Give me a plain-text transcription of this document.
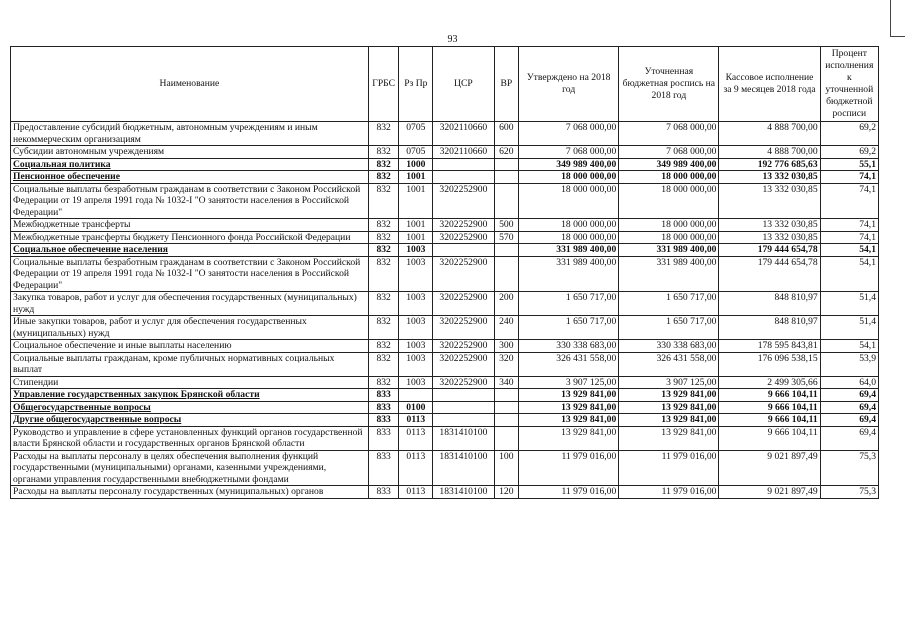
93
Наименование	ГРБС	Рз Пр	ЦСР	ВР	Утверждено на 2018 год	Уточненная бюджетная роспись на 2018 год	Кассовое исполнение за 9 месяцев 2018 года	Процент исполнения к уточненной бюджетной росписи
Предоставление субсидий бюджетным, автономным учреждениям и иным некоммерческим организациям	832	0705	3202110660	600	7 068 000,00	7 068 000,00	4 888 700,00	69,2
Субсидии автономным учреждениям	832	0705	3202110660	620	7 068 000,00	7 068 000,00	4 888 700,00	69,2
Социальная политика	832	1000			349 989 400,00	349 989 400,00	192 776 685,63	55,1
Пенсионное обеспечение	832	1001			18 000 000,00	18 000 000,00	13 332 030,85	74,1
Социальные выплаты безработным гражданам в соответствии с Законом Российской Федерации от 19 апреля 1991 года № 1032-I "О занятости населения в Российской Федерации"	832	1001	3202252900		18 000 000,00	18 000 000,00	13 332 030,85	74,1
Межбюджетные трансферты	832	1001	3202252900	500	18 000 000,00	18 000 000,00	13 332 030,85	74,1
Межбюджетные трансферты бюджету Пенсионного фонда Российской Федерации	832	1001	3202252900	570	18 000 000,00	18 000 000,00	13 332 030,85	74,1
Социальное обеспечение населения	832	1003			331 989 400,00	331 989 400,00	179 444 654,78	54,1
Социальные выплаты безработным гражданам в соответствии с Законом Российской Федерации от 19 апреля 1991 года № 1032-I "О занятости населения в Российской Федерации"	832	1003	3202252900		331 989 400,00	331 989 400,00	179 444 654,78	54,1
Закупка товаров, работ и услуг для обеспечения государственных (муниципальных) нужд	832	1003	3202252900	200	1 650 717,00	1 650 717,00	848 810,97	51,4
Иные закупки товаров, работ и услуг для обеспечения государственных (муниципальных) нужд	832	1003	3202252900	240	1 650 717,00	1 650 717,00	848 810,97	51,4
Социальное обеспечение и иные выплаты населению	832	1003	3202252900	300	330 338 683,00	330 338 683,00	178 595 843,81	54,1
Социальные выплаты гражданам, кроме публичных нормативных социальных выплат	832	1003	3202252900	320	326 431 558,00	326 431 558,00	176 096 538,15	53,9
Стипендии	832	1003	3202252900	340	3 907 125,00	3 907 125,00	2 499 305,66	64,0
Управление государственных закупок Брянской области	833				13 929 841,00	13 929 841,00	9 666 104,11	69,4
Общегосударственные вопросы	833	0100			13 929 841,00	13 929 841,00	9 666 104,11	69,4
Другие общегосударственные вопросы	833	0113			13 929 841,00	13 929 841,00	9 666 104,11	69,4
Руководство и управление в сфере установленных функций органов государственной власти Брянской области и государственных органов Брянской области	833	0113	1831410100		13 929 841,00	13 929 841,00	9 666 104,11	69,4
Расходы на выплаты персоналу в целях обеспечения выполнения функций государственными (муниципальными) органами, казенными учреждениями, органами управления государственными внебюджетными фондами	833	0113	1831410100	100	11 979 016,00	11 979 016,00	9 021 897,49	75,3
Расходы на выплаты персоналу государственных (муниципальных) органов	833	0113	1831410100	120	11 979 016,00	11 979 016,00	9 021 897,49	75,3
